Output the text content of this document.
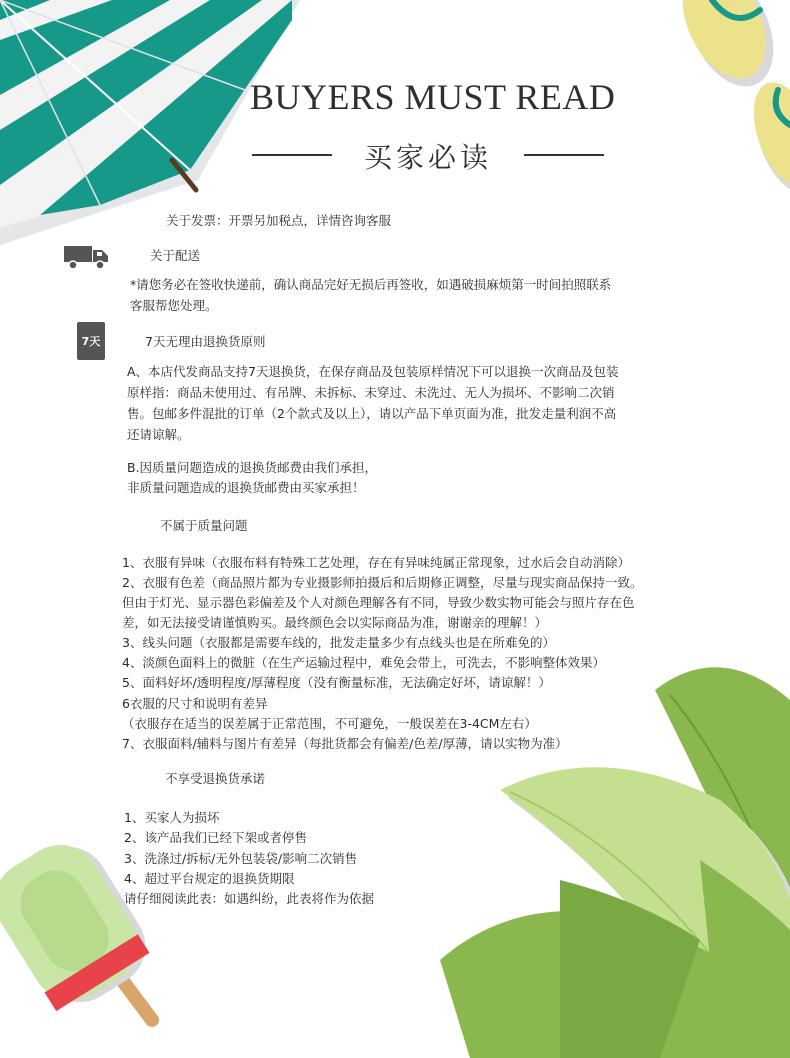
BUYERS MUST READ
买家必读
关于发票：开票另加税点，详情咨询客服
关于配送
*请您务必在签收快递前，确认商品完好无损后再签收，如遇破损麻烦第一时间拍照联系
客服帮您处理。
7天	7天无理由退换货原则
A、本店代发商品支持7天退换货，在保存商品及包装原样情况下可以退换一次商品及包装
原样指：商品未使用过、有吊牌、未拆标、未穿过、未洗过、无人为损坏、不影响二次销
售。包邮多件混批的订单（2个款式及以上），请以产品下单页面为准，批发走量利润不高
还请谅解。
B.因质量问题造成的退换货邮费由我们承担，
非质量问题造成的退换货邮费由买家承担！
不属于质量问题
1、衣服有异味（衣服布料有特殊工艺处理，存在有异味纯属正常现象，过水后会自动消除）
2、衣服有色差（商品照片都为专业摄影师拍摄后和后期修正调整，尽量与现实商品保持一致。
但由于灯光、显示器色彩偏差及个人对颜色理解各有不同，导致少数实物可能会与照片存在色
差，如无法接受请谨慎购买。最终颜色会以实际商品为准，谢谢亲的理解！）
3、线头问题（衣服都是需要车线的，批发走量多少有点线头也是在所难免的）
4、淡颜色面料上的微脏（在生产运输过程中，难免会带上，可洗去，不影响整体效果）
5、面料好坏/透明程度/厚薄程度（没有衡量标准，无法确定好坏，请谅解！）
6衣服的尺寸和说明有差异
（衣服存在适当的误差属于正常范围，不可避免，一般误差在3-4CM左右）
7、衣服面料/辅料与图片有差异（每批货都会有偏差/色差/厚薄，请以实物为准）
不享受退换货承诺
1、买家人为损坏
2、该产品我们已经下架或者停售
3、洗涤过/拆标/无外包装袋/影响二次销售
4、超过平台规定的退换货期限
请仔细阅读此表：如遇纠纷，此表将作为依据
